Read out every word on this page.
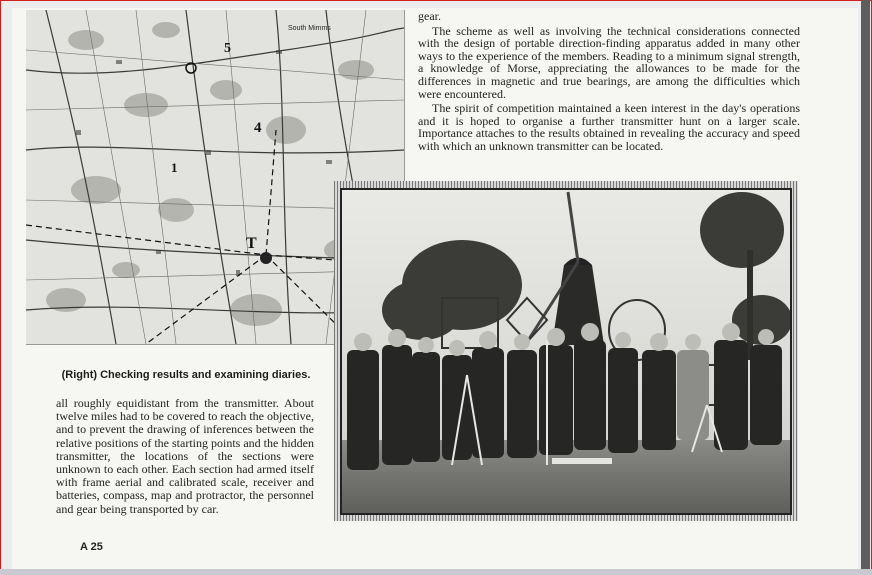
T
4
5
1
South Mimms

gear.

The scheme as well as involving the technical considerations connected with the design of portable direction-finding apparatus added in many other ways to the experience of the members. Reading to a minimum signal strength, a knowledge of Morse, appreciating the allowances to be made for the differences in magnetic and true bearings, are among the difficulties which were encountered.

The spirit of competition maintained a keen interest in the day's operations and it is hoped to organise a further transmitter hunt on a larger scale. Importance attaches to the results obtained in revealing the accuracy and speed with which an unknown transmitter can be located.

(Right) Checking results and examining diaries.

all roughly equidistant from the transmitter. About twelve miles had to be covered to reach the objective, and to prevent the drawing of inferences between the relative positions of the starting points and the hidden transmitter, the locations of the sections were unknown to each other. Each section had armed itself with frame aerial and calibrated scale, receiver and batteries, compass, map and protractor, the personnel and gear being transported by car.

A 25
